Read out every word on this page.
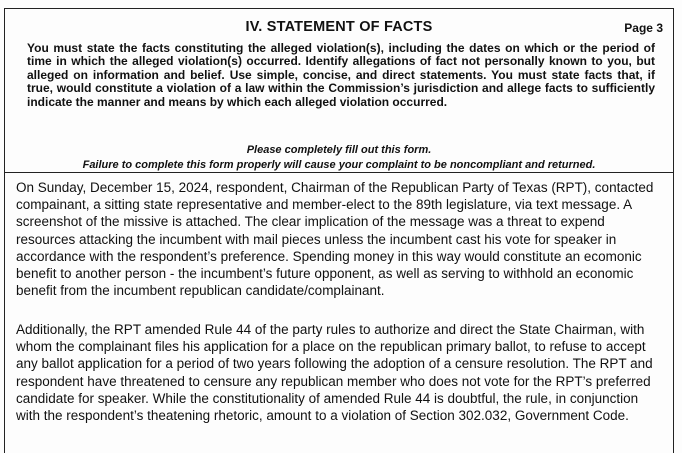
IV. STATEMENT OF FACTS	Page 3

You must state the facts constituting the alleged violation(s), including the dates on which or the period of time in which the alleged violation(s) occurred. Identify allegations of fact not personally known to you, but alleged on information and belief. Use simple, concise, and direct statements. You must state facts that, if true, would constitute a violation of a law within the Commission’s jurisdiction and allege facts to sufficiently indicate the manner and means by which each alleged violation occurred.

Please completely fill out this form.

Failure to complete this form properly will cause your complaint to be noncompliant and returned.

On Sunday, December 15, 2024, respondent, Chairman of the Republican Party of Texas (RPT), contacted compainant, a sitting state representative and member-elect to the 89th legislature, via text message. A screenshot of the missive is attached. The clear implication of the message was a threat to expend resources attacking the incumbent with mail pieces unless the incumbent cast his vote for speaker in accordance with the respondent’s preference. Spending money in this way would constitute an ecomonic benefit to another person - the incumbent’s future opponent, as well as serving to withhold an economic benefit from the incumbent republican candidate/complainant.

Additionally, the RPT amended Rule 44 of the party rules to authorize and direct the State Chairman, with whom the complainant files his application for a place on the republican primary ballot, to refuse to accept any ballot application for a period of two years following the adoption of a censure resolution. The RPT and respondent have threatened to censure any republican member who does not vote for the RPT’s preferred candidate for speaker. While the constitutionality of amended Rule 44 is doubtful, the rule, in conjunction with the respondent’s theatening rhetoric, amount to a violation of Section 302.032, Government Code.
